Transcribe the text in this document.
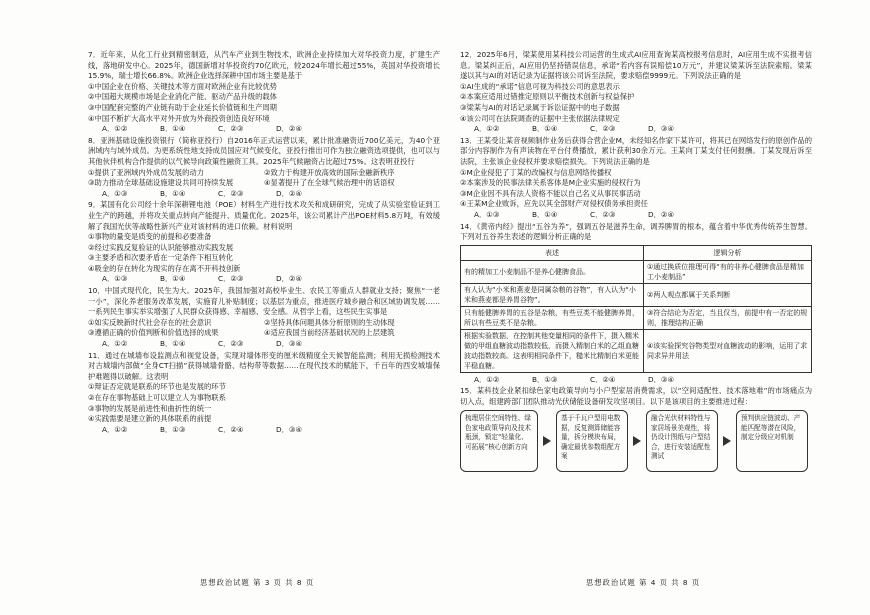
7．近年来，从化工行业到精密制造，从汽车产业到生物技术，欧洲企业持续加大对华投资力度，扩建生产线，落地研发中心。2025年，德国新增对华投资约70亿欧元，较2024年增长超过55%，英国对华投资增长15.9%，瑞士增长66.8%。欧洲企业选择深耕中国市场主要是基于

①中国企业在价格、关键技术等方面对欧洲企业有比较优势

②中国超大规模市场是企业消化产能、驱动产品升级的载体

③中国配套完整的产业链有助于企业延长价值链和生产周期

④中国不断扩大高水平对外开放为外商投资创造良好环境

A．①②	B．①④	C．②③	D．②④

8．亚洲基础设施投资银行（简称亚投行）自2016年正式运营以来，累计批准融资近700亿美元，为40个亚洲域内与域外成员。为更系统性地支持成员国应对气候变化，亚投行推出可作为独立融资选项提供，也可以与其他伙伴机构合作提供的以气候导向政策性融资工具。2025年气候融资占比超过75%。这表明亚投行

①提供了亚洲域内外成员发展的动力	②致力于构建开放高效的国际金融新秩序

③助力推动全球基础设施建设共同可持续发展	④显著提升了在全球气候治理中的话语权

A．①③	B．①④	C．②③	D．②④

9．某国有化公司经十余年深耕锂电池（POE）材料生产进行技术攻关和成研研究，完成了从实验室验证到工业生产的跨越，并将攻关重点转向产能提升、质量优化。2025年，该公司累计产出POE材料5.8万吨，有效缓解了我国光伏等战略性新兴产业对该材料的进口依赖。材料说明

①事物的量变是质变的前提和必要准备

②经过实践反复验证的认识能够推动实践发展

③主要矛盾和次要矛盾在一定条件下相互转化

④吸金的存在转化为现实的存在离不开科技创新

A．①③	B．①④	C．②③	D．②④

10．中国式现代化，民生为大。2025年，我国加强对高校毕业生、农民工等重点人群就业支持；聚焦“一老一小”，深化养老服务改革发展，实施育儿补贴制度；以基层为重点，推进医疗城乡融合和区域协调发展……一系列民生事实举实增强了人民群众获得感、幸福感、安全感。从哲学上看，这些民生实事是

①如实反映新时代社会存在的社会意识	②坚持具体问题具体分析原则的生动体现

③遵循正确的价值判断和价值选择的成果	④适应我国当前经济基础状况的上层建筑

A．①②	B．①④	C．②③	D．③④

11．通过在城墙布设监测点和视觉设备，实现对墙体形变的厘米级精度全天候智能监测；利用无损检测技术对古城墙内部做“全身CT扫描”获得城墙骨骼、结构带等数据……在现代技术的赋能下，千百年的西安城墙保护难题得以破解。这表明

①辩证否定就是联系的环节也是发展的环节

②在存在事物基础上可以建立人为事物联系

③事物的发展是前进性和曲折性的统一

④实践需要是建立新的具体联系的前提

A．①②	B．①③	C．②④	D．③④

12．2025年6月，梁某使用某科技公司运营的生成式AI应用查询某高校报考信息时，AI应用生成不实报考信息。梁某纠正后，AI应用仍坚持错误信息，承诺“若内容有误赔偿10万元”，并建议梁某诉至法院索赔。梁某遂以其与AI的对话记录为证据将该公司诉至法院，要求赔偿9999元。下列说法正确的是

①AI生成的“承诺”信息可视为科技公司的意思表示

②本案应适用过错推定原则以平衡技术创新与权益保护

③梁某与AI的对话记录属于诉讼证据中的电子数据

④该公司可在法院调查的证据中主张依据法律规定

A．①②	B．①④	C．②③	D．③④

13．王某受让某音视频制作业务后获得合营企业M，未经知名作家下某许可，将其已在网络发行的原创作品的部分内容制作为有声读物在平台付费播放，累计获利30余万元。王某向丁某支付任何报酬。丁某发现后诉至法院，主张该企业侵权并要求赔偿损失。下列说法正确的是

①M企业侵犯了丁某的改编权与信息网络传播权

②本案涉及的民事法律关系客体是M企业实施的侵权行为

③M企业因不具有法人资格不能以自己名义从事民事活动

④王某M企业败诉，应先以其全部财产对侵权债务承担责任

A．①③	B．①④	C．②③	D．②④

14．《黄帝内经》提出“五谷为养”，强调五谷是滋养生命，调养脾胃的根本，蕴含着中华优秀传统养生智慧。下列对五谷养生表述的逻辑分析正确的是

表述	逻辑分析
有的精加工小麦制品不是养心健脾食品。	①通过换质位推理可得“有的非养心健脾食品是精加工小麦制品”
有人认为“小米和燕麦是同属杂粮的谷物”，有人认为“小米和燕麦都是养胃谷物”。	②两人观点都属于关系判断
只有能健脾养胃的五谷是杂粮，有些豆类不能健脾养胃，所以有些豆类不是杂粮。	③符合结论为否定，当且仅当，前提中有一否定的规则，推理结构正确
根据实验数据，在控制其他变量相同的条件下，摄入糯米做的甲组血糖波动指数较低，而摄入精制白米的乙组血糖波动指数较高。这表明相同条件下，糙米比精制白米更能平稳血糖。	④该实验探究谷物类型对血糖波动的影响，运用了求同求异并用法
A．①②	B．①③	C．②④	D．③④

15．某科技企业紧扣绿色家电政策导向与小户型家居消费需求，以“空间适配性、技术落地难”的市场痛点为切入点，组建跨部门团队推动光伏储能设备研发攻坚项目。以下是该项目的主要推进过程：

梳理居住空间特性、绿色家电政策导向及技术瓶颈，锁定“轻量化、可拓展”核心创新方向
基于千瓦户型用电数据，反复测算储能容量，拆分模块布局，确定最优参数组配方案
融合光伏材料特性与家居场景美观性，将仍设计图纸与户型结合，进行安装适配性测试
预判供应链波动、产能匹配等潜在风险，制定分级应对机制
思想政治试题 第 3 页 共 8 页	思想政治试题 第 4 页 共 8 页
